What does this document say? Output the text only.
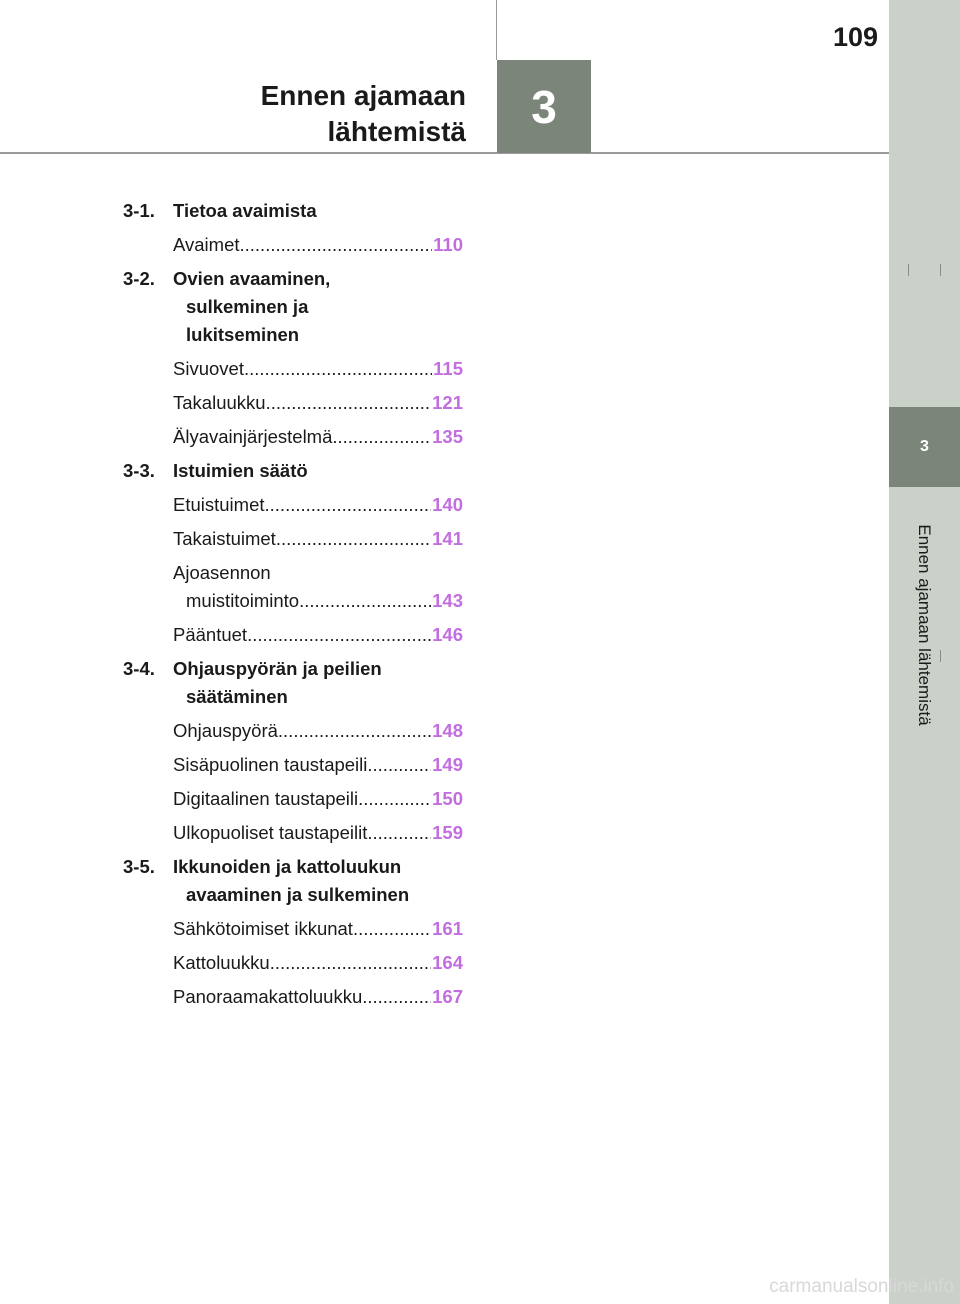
3
Ennen ajamaan lähtemistä
3
109
Ennen ajamaan
lähtemistä
3-1. Tietoa avaimista
Avaimet .....	110
3-2. Ovien avaaminen, sulkeminen ja lukitseminen
Sivuovet .....	115
Takaluukku .....	121
Älyavainjärjestelmä .....	135
3-3. Istuimien säätö
Etuistuimet .....	140
Takaistuimet .....	141
Ajoasennon
muistitoiminto .....	143
Pääntuet .....	146
3-4. Ohjauspyörän ja peilien säätäminen
Ohjauspyörä .....	148
Sisäpuolinen taustapeili .....	149
Digitaalinen taustapeili .....	150
Ulkopuoliset taustapeilit .....	159
3-5. Ikkunoiden ja kattoluukun avaaminen ja sulkeminen
Sähkötoimiset ikkunat .....	161
Kattoluukku .....	164
Panoraamakattoluukku .....	167
carmanualsonline.info
